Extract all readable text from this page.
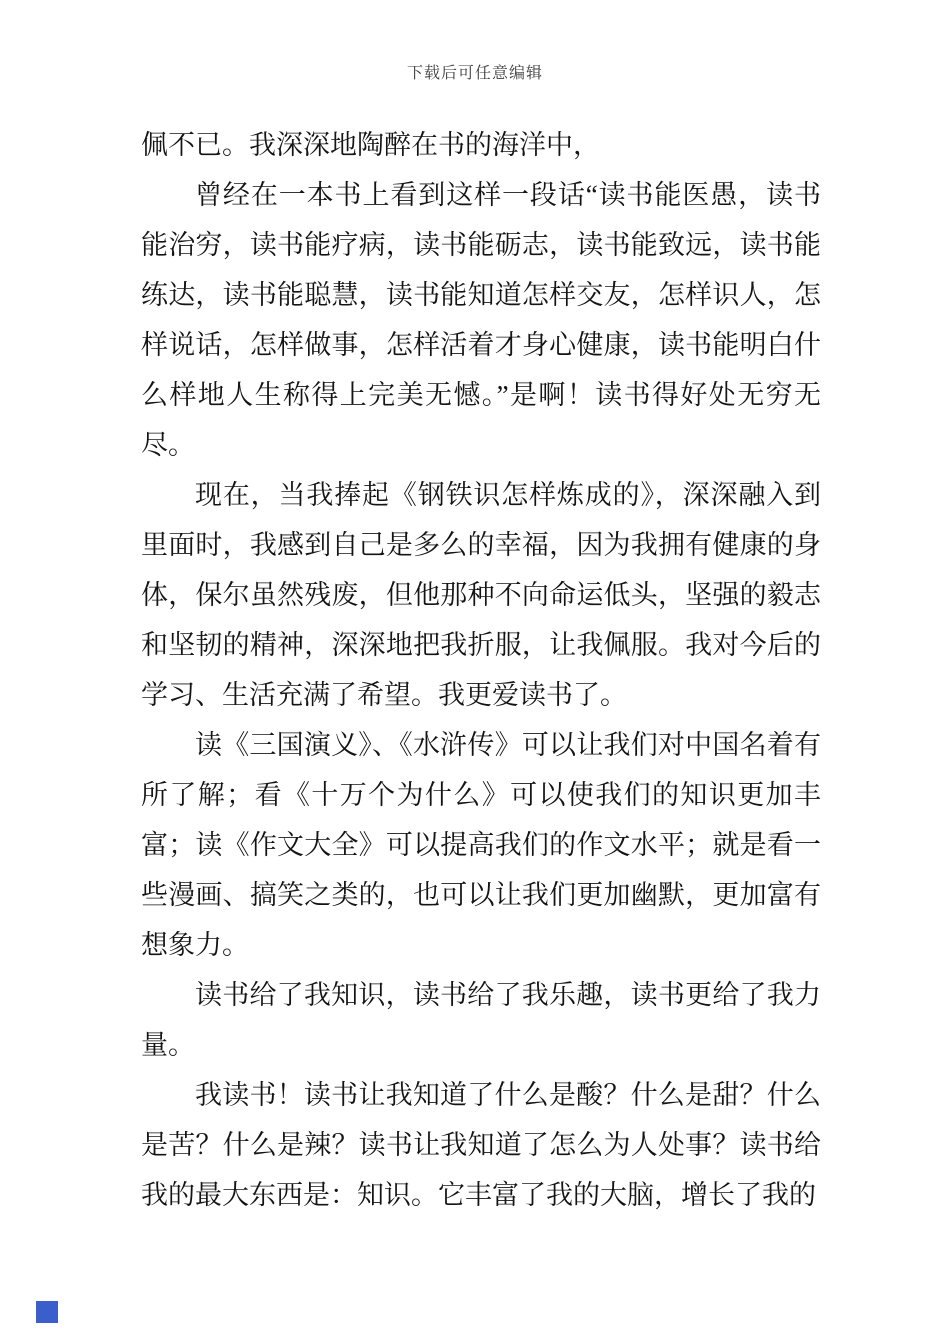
下载后可任意编辑

佩不已。我深深地陶醉在书的海洋中，

曾经在一本书上看到这样一段话“读书能医愚，读书能治穷，读书能疗病，读书能砺志，读书能致远，读书能练达，读书能聪慧，读书能知道怎样交友，怎样识人，怎样说话，怎样做事，怎样活着才身心健康，读书能明白什么样地人生称得上完美无憾。”是啊！读书得好处无穷无尽。

现在，当我捧起《钢铁识怎样炼成的》，深深融入到里面时，我感到自己是多么的幸福，因为我拥有健康的身体，保尔虽然残废，但他那种不向命运低头，坚强的毅志和坚韧的精神，深深地把我折服，让我佩服。我对今后的学习、生活充满了希望。我更爱读书了。

读《三国演义》、《水浒传》可以让我们对中国名着有所了解；看《十万个为什么》可以使我们的知识更加丰富；读《作文大全》可以提高我们的作文水平；就是看一些漫画、搞笑之类的，也可以让我们更加幽默，更加富有想象力。

读书给了我知识，读书给了我乐趣，读书更给了我力量。

我读书！读书让我知道了什么是酸？什么是甜？什么是苦？什么是辣？读书让我知道了怎么为人处事？读书给我的最大东西是：知识。它丰富了我的大脑，增长了我的
